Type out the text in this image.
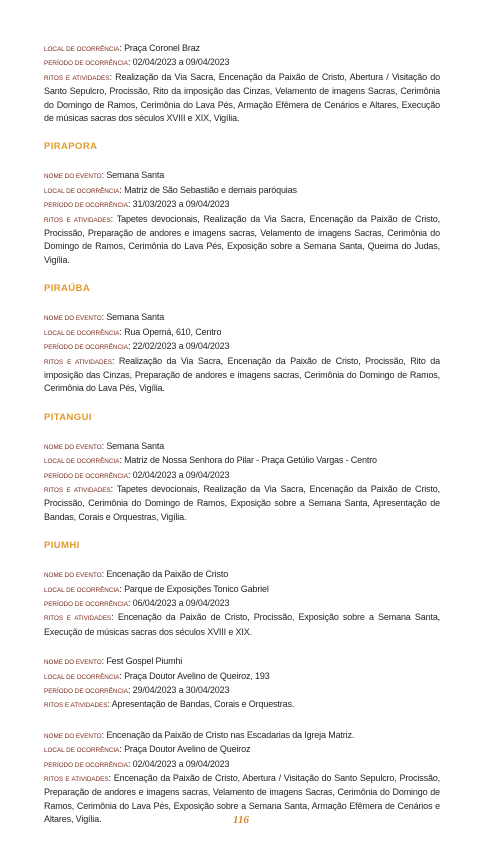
LOCAL DE OCORRÊNCIA: Praça Coronel Braz
PERÍODO DE OCORRÊNCIA: 02/04/2023 a 09/04/2023
RITOS E ATIVIDADES: Realização da Via Sacra, Encenação da Paixão de Cristo, Abertura / Visitação do Santo Sepulcro, Procissão, Rito da imposição das Cinzas, Velamento de imagens Sacras, Cerimônia do Domingo de Ramos, Cerimônia do Lava Pés, Armação Efêmera de Cenários e Altares, Execução de músicas sacras dos séculos XVIII e XIX, Vigília.
PIRAPORA
NOME DO EVENTO: Semana Santa
LOCAL DE OCORRÊNCIA: Matriz de São Sebastião e demais paróquias
PERÍODO DE OCORRÊNCIA: 31/03/2023 a 09/04/2023
RITOS E ATIVIDADES: Tapetes devocionais, Realização da Via Sacra, Encenação da Paixão de Cristo, Procissão, Preparação de andores e imagens sacras, Velamento de imagens Sacras, Cerimônia do Domingo de Ramos, Cerimônia do Lava Pés, Exposição sobre a Semana Santa, Queima do Judas, Vigília.
PIRAÚBA
NOME DO EVENTO: Semana Santa
LOCAL DE OCORRÊNCIA: Rua Opemá, 610, Centro
PERÍODO DE OCORRÊNCIA: 22/02/2023 a 09/04/2023
RITOS E ATIVIDADES: Realização da Via Sacra, Encenação da Paixão de Cristo, Procissão, Rito da imposição das Cinzas, Preparação de andores e imagens sacras, Cerimônia do Domingo de Ramos, Cerimônia do Lava Pés, Vigília.
PITANGUI
NOME DO EVENTO: Semana Santa
LOCAL DE OCORRÊNCIA: Matriz de Nossa Senhora do Pilar - Praça Getúlio Vargas - Centro
PERÍODO DE OCORRÊNCIA: 02/04/2023 a 09/04/2023
RITOS E ATIVIDADES: Tapetes devocionais, Realização da Via Sacra, Encenação da Paixão de Cristo, Procissão, Cerimônia do Domingo de Ramos, Exposição sobre a Semana Santa, Apresentação de Bandas, Corais e Orquestras, Vigília.
PIUMHI
NOME DO EVENTO: Encenação da Paixão de Cristo
LOCAL DE OCORRÊNCIA: Parque de Exposições Tonico Gabriel
PERÍODO DE OCORRÊNCIA: 06/04/2023 a 09/04/2023
RITOS E ATIVIDADES: Encenação da Paixão de Cristo, Procissão, Exposição sobre a Semana Santa, Execução de músicas sacras dos séculos XVIII e XIX.
NOME DO EVENTO: Fest Gospel Piumhi
LOCAL DE OCORRÊNCIA: Praça Doutor Avelino de Queiroz, 193
PERÍODO DE OCORRÊNCIA: 29/04/2023 a 30/04/2023
RITOS E ATIVIDADES: Apresentação de Bandas, Corais e Orquestras.
NOME DO EVENTO: Encenação da Paixão de Cristo nas Escadarias da Igreja Matriz.
LOCAL DE OCORRÊNCIA: Praça Doutor Avelino de Queiroz
PERÍODO DE OCORRÊNCIA: 02/04/2023 a 09/04/2023
RITOS E ATIVIDADES: Encenação da Paixão de Cristo, Abertura / Visitação do Santo Sepulcro, Procissão, Preparação de andores e imagens sacras, Velamento de imagens Sacras, Cerimônia do Domingo de Ramos, Cerimônia do Lava Pés, Exposição sobre a Semana Santa, Armação Efêmera de Cenários e Altares, Vigília.	116
